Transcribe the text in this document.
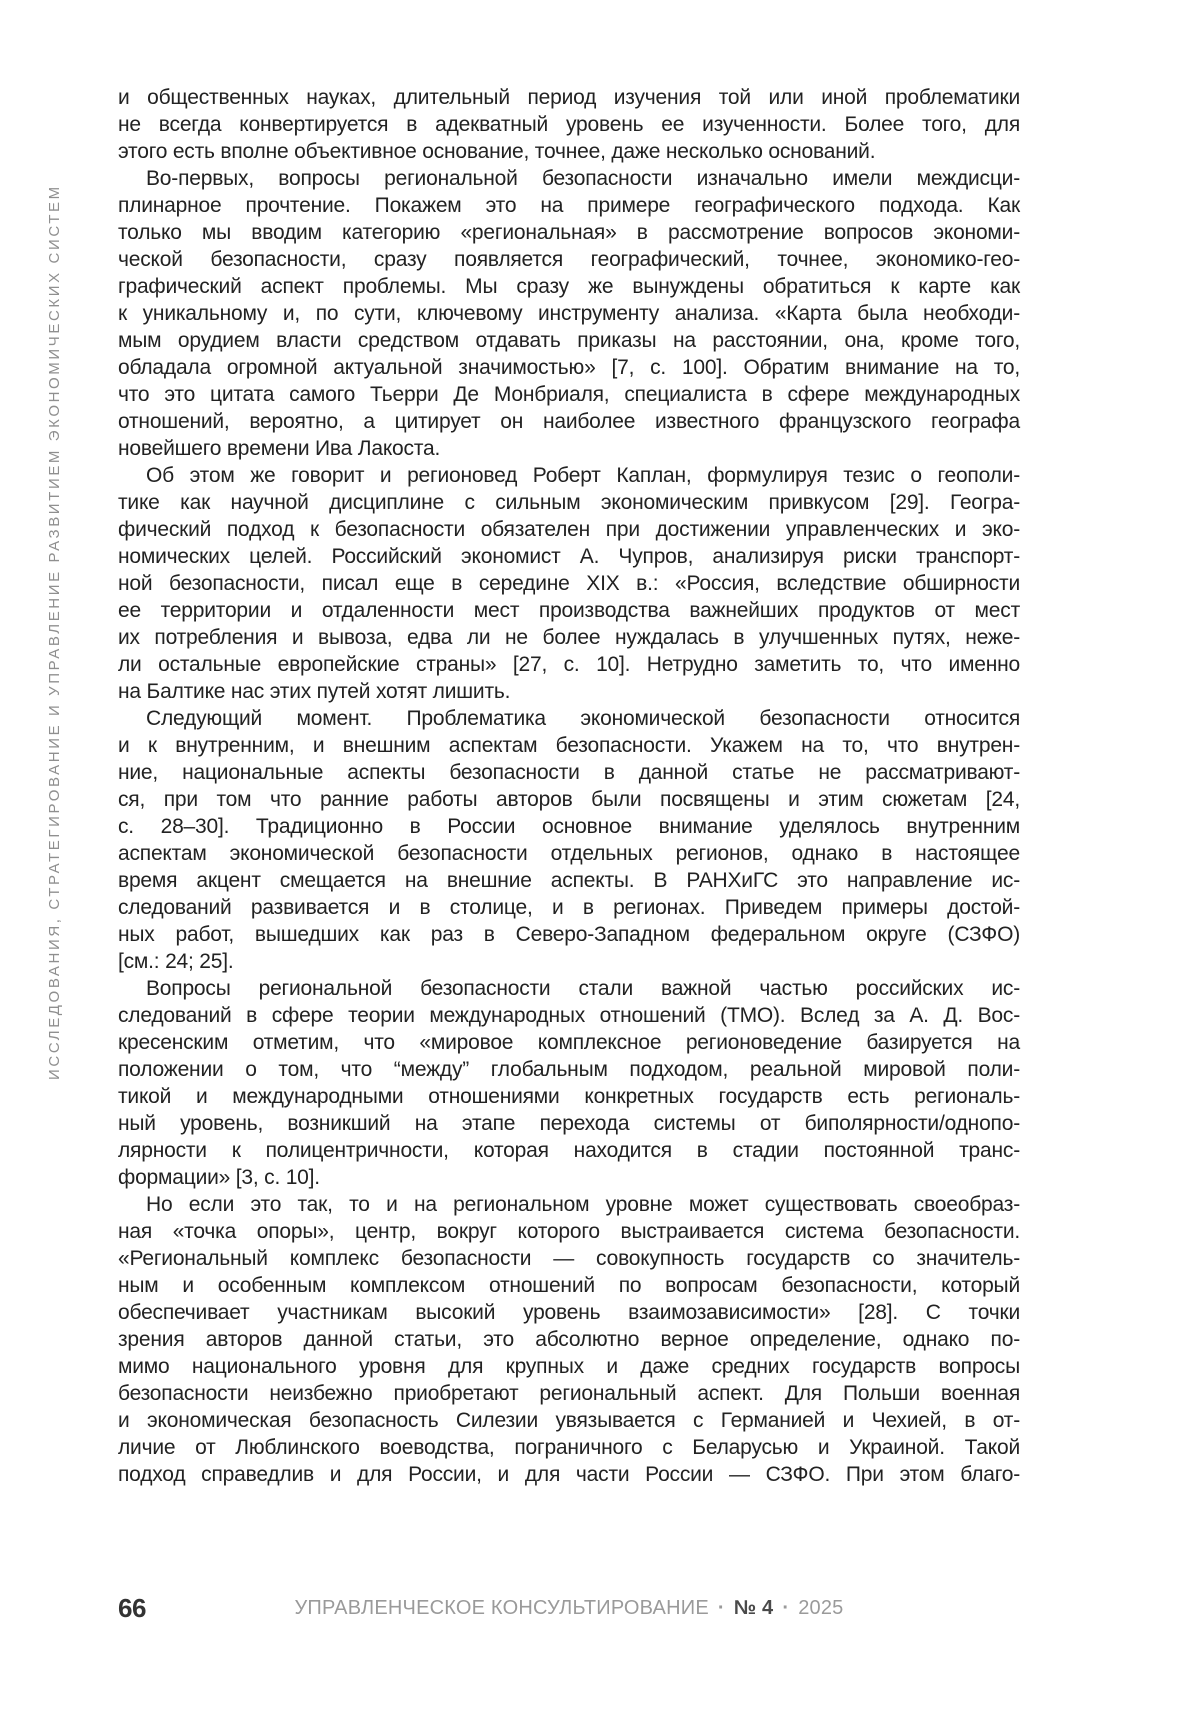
ИССЛЕДОВАНИЯ, СТРАТЕГИРОВАНИЕ И УПРАВЛЕНИЕ РАЗВИТИЕМ ЭКОНОМИЧЕСКИХ СИСТЕМ
и общественных науках, длительный период изучения той или иной проблематики
не всегда конвертируется в адекватный уровень ее изученности. Более того, для
этого есть вполне объективное основание, точнее, даже несколько оснований.
Во-первых, вопросы региональной безопасности изначально имели междисци-
плинарное прочтение. Покажем это на примере географического подхода. Как
только мы вводим категорию «региональная» в рассмотрение вопросов экономи-
ческой безопасности, сразу появляется географический, точнее, экономико-гео-
графический аспект проблемы. Мы сразу же вынуждены обратиться к карте как
к уникальному и, по сути, ключевому инструменту анализа. «Карта была необходи-
мым орудием власти средством отдавать приказы на расстоянии, она, кроме того,
обладала огромной актуальной значимостью» [7, с. 100]. Обратим внимание на то,
что это цитата самого Тьерри Де Монбриаля, специалиста в сфере международных
отношений, вероятно, а цитирует он наиболее известного французского географа
новейшего времени Ива Лакоста.
Об этом же говорит и регионовед Роберт Каплан, формулируя тезис о геополи-
тике как научной дисциплине с сильным экономическим привкусом [29]. Геогра-
фический подход к безопасности обязателен при достижении управленческих и эко-
номических целей. Российский экономист А. Чупров, анализируя риски транспорт-
ной безопасности, писал еще в середине XIX в.: «Россия, вследствие обширности
ее территории и отдаленности мест производства важнейших продуктов от мест
их потребления и вывоза, едва ли не более нуждалась в улучшенных путях, неже-
ли остальные европейские страны» [27, с. 10]. Нетрудно заметить то, что именно
на Балтике нас этих путей хотят лишить.
Следующий момент. Проблематика экономической безопасности относится
и к внутренним, и внешним аспектам безопасности. Укажем на то, что внутрен-
ние, национальные аспекты безопасности в данной статье не рассматривают-
ся, при том что ранние работы авторов были посвящены и этим сюжетам [24,
с. 28–30]. Традиционно в России основное внимание уделялось внутренним
аспектам экономической безопасности отдельных регионов, однако в настоящее
время акцент смещается на внешние аспекты. В РАНХиГС это направление ис-
следований развивается и в столице, и в регионах. Приведем примеры достой-
ных работ, вышедших как раз в Северо-Западном федеральном округе (СЗФО)
[см.: 24; 25].
Вопросы региональной безопасности стали важной частью российских ис-
следований в сфере теории международных отношений (ТМО). Вслед за А. Д. Вос-
кресенским отметим, что «мировое комплексное регионоведение базируется на
положении о том, что “между” глобальным подходом, реальной мировой поли-
тикой и международными отношениями конкретных государств есть региональ-
ный уровень, возникший на этапе перехода системы от биполярности/однопо-
лярности к полицентричности, которая находится в стадии постоянной транс-
формации» [3, с. 10].
Но если это так, то и на региональном уровне может существовать своеобраз-
ная «точка опоры», центр, вокруг которого выстраивается система безопасности.
«Региональный комплекс безопасности — совокупность государств со значитель-
ным и особенным комплексом отношений по вопросам безопасности, который
обеспечивает участникам высокий уровень взаимозависимости» [28]. С точки
зрения авторов данной статьи, это абсолютно верное определение, однако по-
мимо национального уровня для крупных и даже средних государств вопросы
безопасности неизбежно приобретают региональный аспект. Для Польши военная
и экономическая безопасность Силезии увязывается с Германией и Чехией, в от-
личие от Люблинского воеводства, пограничного с Беларусью и Украиной. Такой
подход справедлив и для России, и для части России — СЗФО. При этом благо-
66	УПРАВЛЕНЧЕСКОЕ КОНСУЛЬТИРОВАНИЕ · № 4 · 2025
